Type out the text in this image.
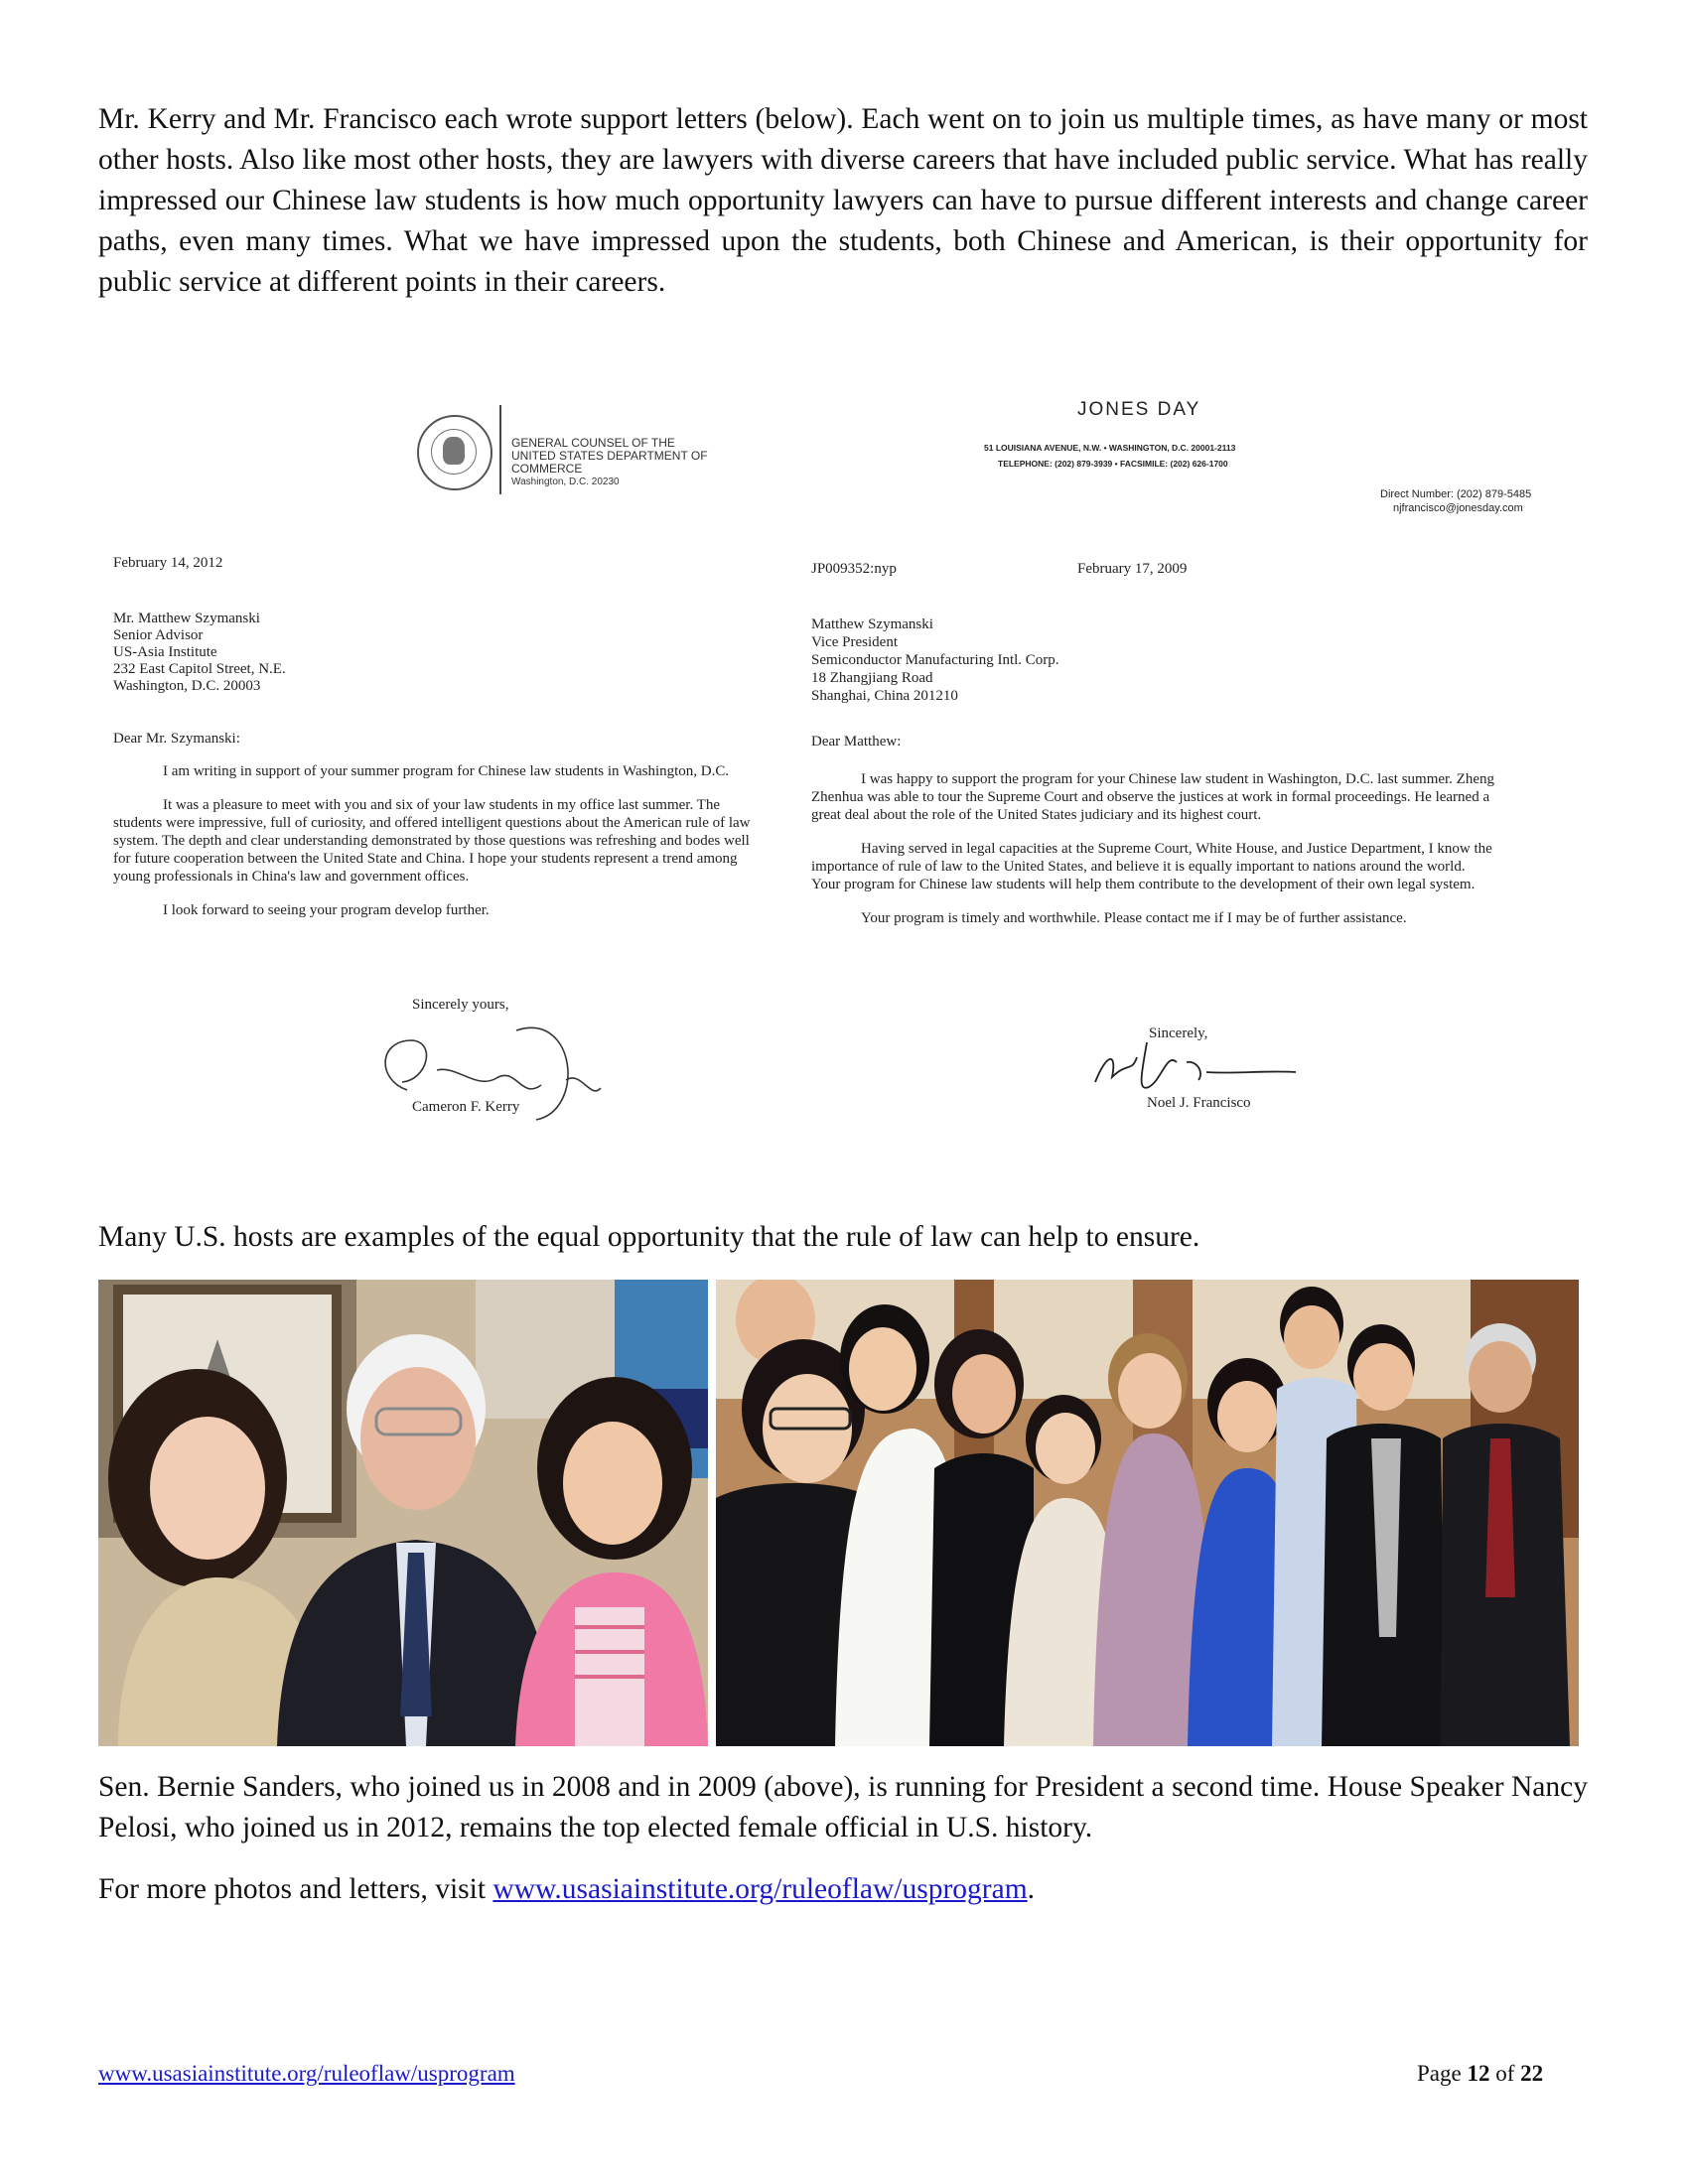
Mr. Kerry and Mr. Francisco each wrote support letters (below). Each went on to join us multiple times, as have many or most other hosts. Also like most other hosts, they are lawyers with diverse careers that have included public service. What has really impressed our Chinese law students is how much opportunity lawyers can have to pursue different interests and change career paths, even many times. What we have impressed upon the students, both Chinese and American, is their opportunity for public service at different points in their careers.

GENERAL COUNSEL OF THE

UNITED STATES DEPARTMENT OF COMMERCE

Washington, D.C. 20230

February 14, 2012

Mr. Matthew Szymanski

Senior Advisor

US-Asia Institute

232 East Capitol Street, N.E.

Washington, D.C. 20003

Dear Mr. Szymanski:

I am writing in support of your summer program for Chinese law students in Washington, D.C.

It was a pleasure to meet with you and six of your law students in my office last summer. The students were impressive, full of curiosity, and offered intelligent questions about the American rule of law system. The depth and clear understanding demonstrated by those questions was refreshing and bodes well for future cooperation between the United State and China. I hope your students represent a trend among young professionals in China's law and government offices.

I look forward to seeing your program develop further.

Sincerely yours,

Cameron F. Kerry

JONES DAY

51 LOUISIANA AVENUE, N.W. • WASHINGTON, D.C. 20001-2113

TELEPHONE: (202) 879-3939 • FACSIMILE: (202) 626-1700

Direct Number: (202) 879-5485

njfrancisco@jonesday.com

JP009352:nyp	February 17, 2009

Matthew Szymanski

Vice President

Semiconductor Manufacturing Intl. Corp.

18 Zhangjiang Road

Shanghai, China 201210

Dear Matthew:

I was happy to support the program for your Chinese law student in Washington, D.C. last summer. Zheng Zhenhua was able to tour the Supreme Court and observe the justices at work in formal proceedings. He learned a great deal about the role of the United States judiciary and its highest court.

Having served in legal capacities at the Supreme Court, White House, and Justice Department, I know the importance of rule of law to the United States, and believe it is equally important to nations around the world. Your program for Chinese law students will help them contribute to the development of their own legal system.

Your program is timely and worthwhile. Please contact me if I may be of further assistance.

Sincerely,

Noel J. Francisco

Many U.S. hosts are examples of the equal opportunity that the rule of law can help to ensure.

Sen. Bernie Sanders, who joined us in 2008 and in 2009 (above), is running for President a second time. House Speaker Nancy Pelosi, who joined us in 2012, remains the top elected female official in U.S. history.

For more photos and letters, visit www.usasiainstitute.org/ruleoflaw/usprogram.

www.usasiainstitute.org/ruleoflaw/usprogram	Page 12 of 22
